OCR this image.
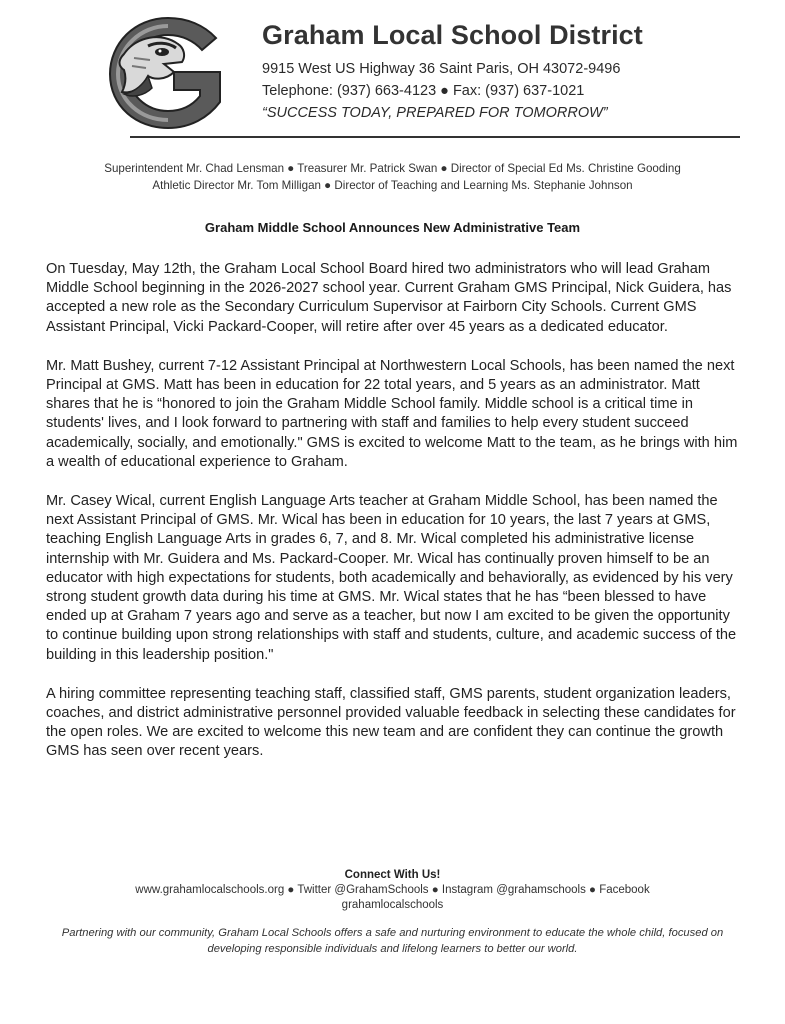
Graham Local School District

9915 West US Highway 36 Saint Paris, OH 43072-9496

Telephone: (937) 663-4123 ● Fax: (937) 637-1021

“SUCCESS TODAY, PREPARED FOR TOMORROW”

Superintendent Mr. Chad Lensman ● Treasurer Mr. Patrick Swan ● Director of Special Ed Ms. Christine Gooding
Athletic Director Mr. Tom Milligan ● Director of Teaching and Learning Ms. Stephanie Johnson
Graham Middle School Announces New Administrative Team

On Tuesday, May 12th, the Graham Local School Board hired two administrators who will lead Graham Middle School beginning in the 2026-2027 school year. Current Graham GMS Principal, Nick Guidera, has accepted a new role as the Secondary Curriculum Supervisor at Fairborn City Schools. Current GMS Assistant Principal, Vicki Packard-Cooper, will retire after over 45 years as a dedicated educator.

Mr. Matt Bushey, current 7-12 Assistant Principal at Northwestern Local Schools, has been named the next Principal at GMS. Matt has been in education for 22 total years, and 5 years as an administrator. Matt shares that he is “honored to join the Graham Middle School family. Middle school is a critical time in students' lives, and I look forward to partnering with staff and families to help every student succeed academically, socially, and emotionally." GMS is excited to welcome Matt to the team, as he brings with him a wealth of educational experience to Graham.

Mr. Casey Wical, current English Language Arts teacher at Graham Middle School, has been named the next Assistant Principal of GMS. Mr. Wical has been in education for 10 years, the last 7 years at GMS, teaching English Language Arts in grades 6, 7, and 8. Mr. Wical completed his administrative license internship with Mr. Guidera and Ms. Packard-Cooper. Mr. Wical has continually proven himself to be an educator with high expectations for students, both academically and behaviorally, as evidenced by his very strong student growth data during his time at GMS. Mr. Wical states that he has “been blessed to have ended up at Graham 7 years ago and serve as a teacher, but now I am excited to be given the opportunity to continue building upon strong relationships with staff and students, culture, and academic success of the building in this leadership position."

A hiring committee representing teaching staff, classified staff, GMS parents, student organization leaders, coaches, and district administrative personnel provided valuable feedback in selecting these candidates for the open roles. We are excited to welcome this new team and are confident they can continue the growth GMS has seen over recent years.

Connect With Us!
www.grahamlocalschools.org ● Twitter @GrahamSchools ● Instagram @grahamschools ● Facebook
grahamlocalschools
Partnering with our community, Graham Local Schools offers a safe and nurturing environment to educate the whole child, focused on developing responsible individuals and lifelong learners to better our world.
